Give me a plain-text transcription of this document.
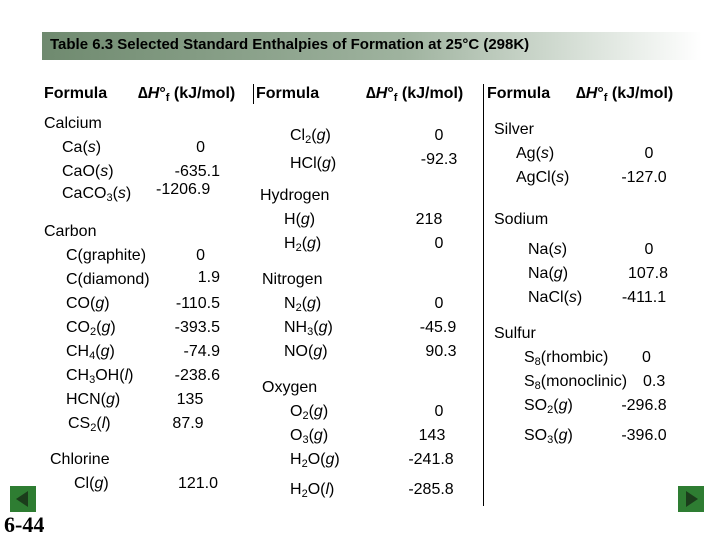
Table 6.3 Selected Standard Enthalpies of Formation at 25°C (298K)
Formula $\Delta H^\circ_f$ (kJ/mol) Formula	$\Delta H^\circ_f$ (kJ/mol) Formula $\Delta H^\circ_f$ (kJ/mol)
Calcium
Ca(s)	0
CaO(s)	-635.1
CaCO$_3$(s) -1206.9
Carbon
C(graphite)	0
C(diamond)	1.9
CO(g)	-110.5
$CO_2(g)$	-393.5
$CH_4(g)$	-74.9
$CH_3OH(l)$	-238.6
HCN(g)	135
$CS_2(l)$	87.9
Chlorine
Cl(g)	121.0
$Cl_2(g)$	0
HCl(g)	-92.3
Hydrogen
H(g)	218
$H_2(g)$	0
Nitrogen
$N_2(g)$	0
$NH_3(g)$	-45.9
NO(g)	90.3
Oxygen
$O_2(g)$	0
$O_3(g)$	143
$H_2O(g)$	-241.8
$H_2O(l)$	-285.8
Silver
Ag(s)	0
AgCl(s)	-127.0
Sodium
Na(s)	0
Na(g)	107.8
NaCl(s)	-411.1
Sulfur
$S_8(rhombic)$ 0
$S_8(monoclinic)$ 0.3
$SO_2(g)$	-296.8
$SO_3(g)$	-396.0
6-44
